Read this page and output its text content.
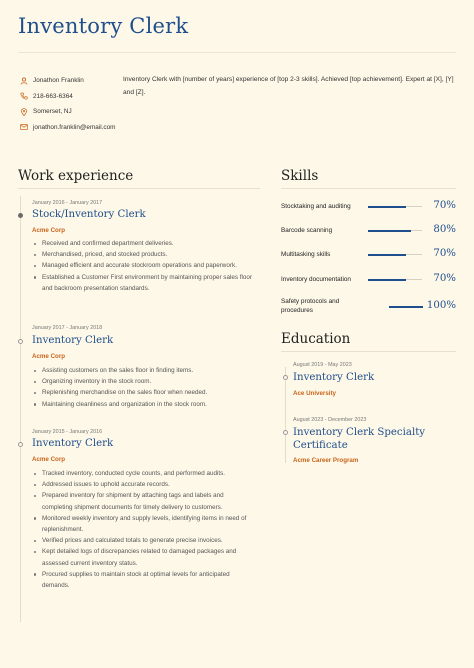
Inventory Clerk
Jonathon Franklin
218-663-6364
Somerset, NJ
jonathon.franklin@email.com
Inventory Clerk with [number of years] experience of [top 2-3 skills]. Achieved [top achievement]. Expert at [X], [Y] and [Z].
Work experience
January 2016 - January 2017
Stock/Inventory Clerk
Acme Corp
Received and confirmed department deliveries.
Merchandised, priced, and stocked products.
Managed efficient and accurate stockroom operations and paperwork.
Established a Customer First environment by maintaining proper sales floor and backroom presentation standards.
January 2017 - January 2018
Inventory Clerk
Acme Corp
Assisting customers on the sales floor in finding items.
Organizing inventory in the stock room.
Replenishing merchandise on the sales floor when needed.
Maintaining cleanliness and organization in the stock room.
January 2015 - January 2016
Inventory Clerk
Acme Corp
Tracked inventory, conducted cycle counts, and performed audits.
Addressed issues to uphold accurate records.
Prepared inventory for shipment by attaching tags and labels and completing shipment documents for timely delivery to customers.
Monitored weekly inventory and supply levels, identifying items in need of replenishment.
Verified prices and calculated totals to generate precise invoices.
Kept detailed logs of discrepancies related to damaged packages and assessed current inventory status.
Procured supplies to maintain stock at optimal levels for anticipated demands.
Skills
Stocktaking and auditing	70%
Barcode scanning	80%
Multitasking skills	70%
Inventory documentation	70%
Safety protocols and procedures	100%
Education
August 2019 - May 2023
Inventory Clerk
Ace University
August 2023 - December 2023
Inventory Clerk Specialty Certificate
Acme Career Program
